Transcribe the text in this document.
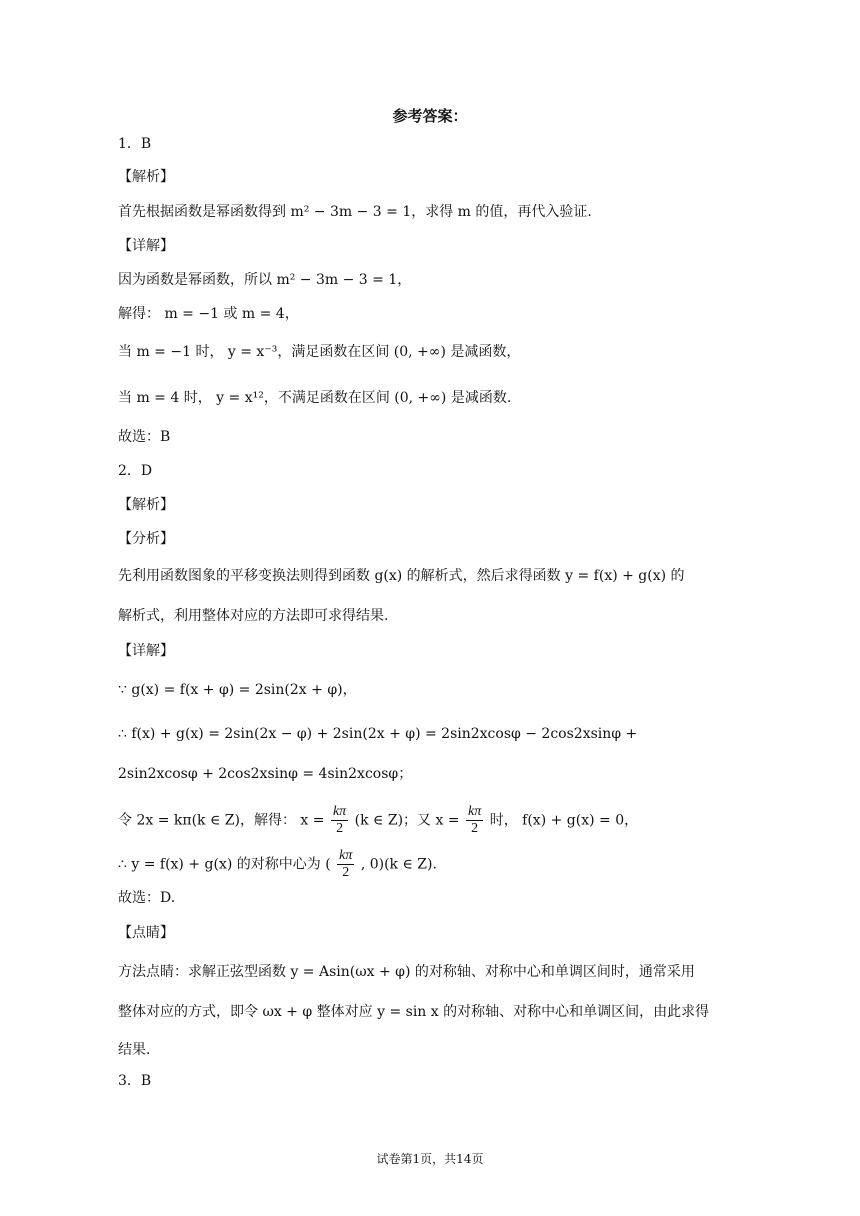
参考答案：
1．B
【解析】
首先根据函数是幂函数得到 m² − 3m − 3 = 1，求得 m 的值，再代入验证.
【详解】
因为函数是幂函数，所以 m² − 3m − 3 = 1，
解得： m = −1 或 m = 4，
当 m = −1 时， y = x⁻³，满足函数在区间 (0, +∞) 是减函数，
当 m = 4 时， y = x¹²，不满足函数在区间 (0, +∞) 是减函数.
故选：B
2．D
【解析】
【分析】
先利用函数图象的平移变换法则得到函数 g(x) 的解析式，然后求得函数 y = f(x) + g(x) 的
解析式，利用整体对应的方法即可求得结果.
【详解】
∵ g(x) = f(x + φ) = 2sin(2x + φ)，
∴ f(x) + g(x) = 2sin(2x − φ) + 2sin(2x + φ) = 2sin2xcosφ − 2cos2xsinφ +
2sin2xcosφ + 2cos2xsinφ = 4sin2xcosφ；
故选：D.
【点睛】
方法点睛：求解正弦型函数 y = Asin(ωx + φ) 的对称轴、对称中心和单调区间时，通常采用
整体对应的方式，即令 ωx + φ 整体对应 y = sin x 的对称轴、对称中心和单调区间，由此求得
结果.
3．B
令 2x = kπ(k ∈ Z)，解得： $x = \frac{k\pi}{2} (k$ ∈ Z)；又 $x = \frac{k\pi}{2}$ 时， f(x) + g(x) = 0，
∴ y = f(x) + g(x) 的对称中心为 ( $\frac{k\pi}{2}$ , 0)(k ∈ Z).
试卷第1页，共14页
